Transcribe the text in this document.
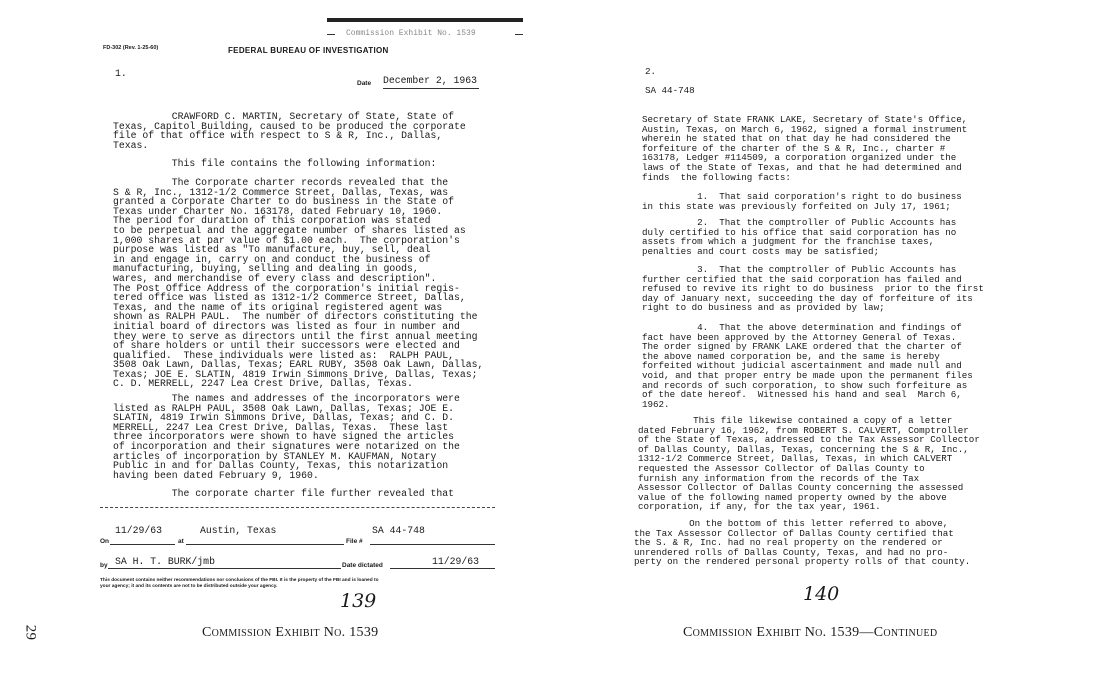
29
Commission Exhibit No. 1539
FD-302 (Rev. 1-25-60)	FEDERAL BUREAU OF INVESTIGATION
1.
Date December 2, 1963
CRAWFORD C. MARTIN, Secretary of State, State of
Texas, Capitol Building, caused to be produced the corporate
file of that office with respect to S & R, Inc., Dallas,
Texas.
This file contains the following information:
The Corporate charter records revealed that the
S & R, Inc., 1312-1/2 Commerce Street, Dallas, Texas, was
granted a Corporate Charter to do business in the State of
Texas under Charter No. 163178, dated February 10, 1960.
The period for duration of this corporation was stated
to be perpetual and the aggregate number of shares listed as
1,000 shares at par value of $1.00 each.  The corporation's
purpose was listed as "To manufacture, buy, sell, deal
in and engage in, carry on and conduct the business of
manufacturing, buying, selling and dealing in goods,
wares, and merchandise of every class and description".
The Post Office Address of the corporation's initial regis-
tered office was listed as 1312-1/2 Commerce Street, Dallas,
Texas, and the name of its original registered agent was
shown as RALPH PAUL.  The number of directors constituting the
initial board of directors was listed as four in number and
they were to serve as directors until the first annual meeting
of share holders or until their successors were elected and
qualified.  These individuals were listed as:  RALPH PAUL,
3508 Oak Lawn, Dallas, Texas; EARL RUBY, 3508 Oak Lawn, Dallas,
Texas; JOE E. SLATIN, 4819 Irwin Simmons Drive, Dallas, Texas;
C. D. MERRELL, 2247 Lea Crest Drive, Dallas, Texas.
The names and addresses of the incorporators were
listed as RALPH PAUL, 3508 Oak Lawn, Dallas, Texas; JOE E.
SLATIN, 4819 Irwin Simmons Drive, Dallas, Texas; and C. D.
MERRELL, 2247 Lea Crest Drive, Dallas, Texas.  These last
three incorporators were shown to have signed the articles
of incorporation and their signatures were notarized on the
articles of incorporation by STANLEY M. KAUFMAN, Notary
Public in and for Dallas County, Texas, this notarization
having been dated February 9, 1960.
The corporate charter file further revealed that
On
11/29/63
at
Austin, Texas
File #
SA 44-748
by SA H. T. BURK/jmb	Date dictated	11/29/63
This document contains neither recommendations nor conclusions of the FBI. It is the property of the FBI and is loaned to
your agency; it and its contents are not to be distributed outside your agency.
139
Commission Exhibit No. 1539
2.
SA 44-748
Secretary of State FRANK LAKE, Secretary of State's Office,
Austin, Texas, on March 6, 1962, signed a formal instrument
wherein he stated that on that day he had considered the
forfeiture of the charter of the S & R, Inc., charter #
163178, Ledger #114509, a corporation organized under the
laws of the State of Texas, and that he had determined and
finds  the following facts:
1.  That said corporation's right to do business
in this state was previously forfeited on July 17, 1961;
2.  That the comptroller of Public Accounts has
duly certified to his office that said corporation has no
assets from which a judgment for the franchise taxes,
penalties and court costs may be satisfied;
3.  That the comptroller of Public Accounts has
further certified that the said corporation has failed and
refused to revive its right to do business  prior to the first
day of January next, succeeding the day of forfeiture of its
right to do business and as provided by law;
4.  That the above determination and findings of
fact have been approved by the Attorney General of Texas.
The order signed by FRANK LAKE ordered that the charter of
the above named corporation be, and the same is hereby
forfeited without judicial ascertainment and made null and
void, and that proper entry be made upon the permanent files
and records of such corporation, to show such forfeiture as
of the date hereof.  Witnessed his hand and seal  March 6,
1962.
This file likewise contained a copy of a letter
dated February 16, 1962, from ROBERT S. CALVERT, Comptroller
of the State of Texas, addressed to the Tax Assessor Collector
of Dallas County, Dallas, Texas, concerning the S & R, Inc.,
1312-1/2 Commerce Street, Dallas, Texas, in which CALVERT
requested the Assessor Collector of Dallas County to
furnish any information from the records of the Tax
Assessor Collector of Dallas County concerning the assessed
value of the following named property owned by the above
corporation, if any, for the tax year, 1961.
On the bottom of this letter referred to above,
the Tax Assessor Collector of Dallas County certified that
the S. & R, Inc. had no real property on the rendered or
unrendered rolls of Dallas County, Texas, and had no pro-
perty on the rendered personal property rolls of that county.
140
Commission Exhibit No. 1539—Continued
